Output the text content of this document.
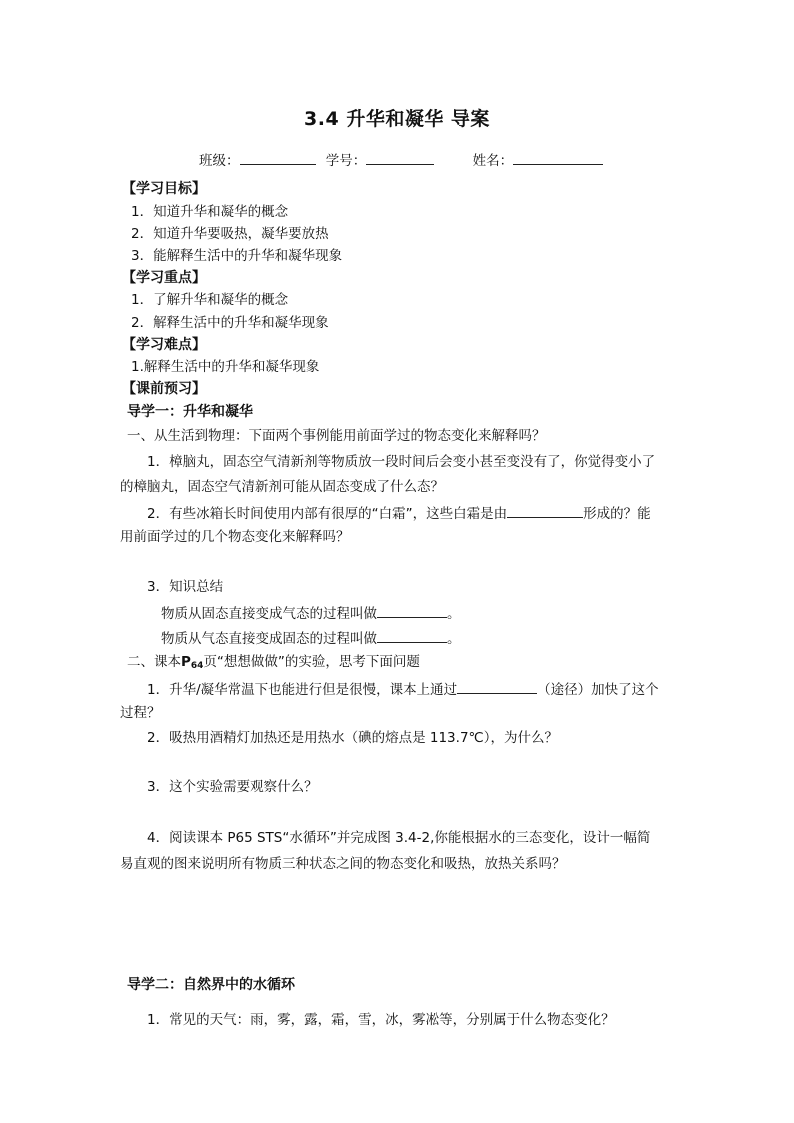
3.4 升华和凝华 导案
班级：	学号：	姓名：
【学习目标】
1．知道升华和凝华的概念
2．知道升华要吸热，凝华要放热
3．能解释生活中的升华和凝华现象
【学习重点】
1．了解升华和凝华的概念
2．解释生活中的升华和凝华现象
【学习难点】
1.解释生活中的升华和凝华现象
【课前预习】
导学一：升华和凝华
一、从生活到物理：下面两个事例能用前面学过的物态变化来解释吗？
1．樟脑丸，固态空气清新剂等物质放一段时间后会变小甚至变没有了，你觉得变小了
的樟脑丸，固态空气清新剂可能从固态变成了什么态？
2．有些冰箱长时间使用内部有很厚的“白霜”，这些白霜是由	形成的？能
用前面学过的几个物态变化来解释吗？
3．知识总结
物质从固态直接变成气态的过程叫做	。
物质从气态直接变成固态的过程叫做	。
二、课本$P_{64}$页“想想做做”的实验，思考下面问题
1．升华/凝华常温下也能进行但是很慢，课本上通过	（途径）加快了这个
过程？
2．吸热用酒精灯加热还是用热水（碘的熔点是 113.7℃），为什么？
3．这个实验需要观察什么？
4．阅读课本 P65 STS“水循环”并完成图 3.4-2,你能根据水的三态变化，设计一幅简
易直观的图来说明所有物质三种状态之间的物态变化和吸热，放热关系吗？
导学二：自然界中的水循环
1．常见的天气：雨，雾，露，霜，雪，冰，雾凇等，分别属于什么物态变化？
